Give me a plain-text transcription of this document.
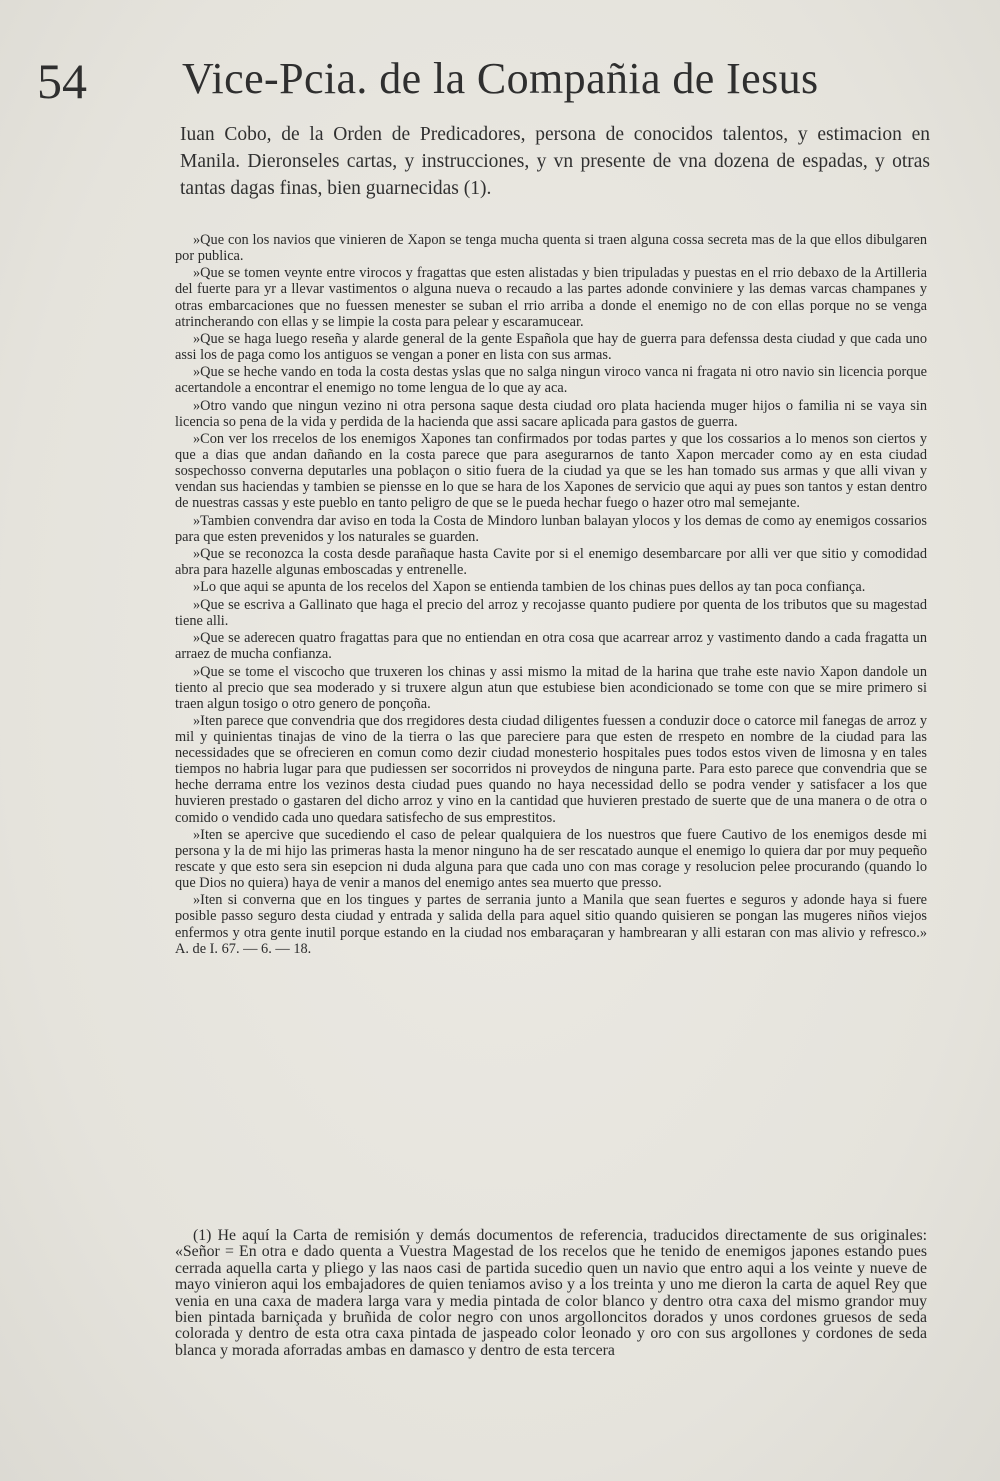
54 Vice-Pcia. de la Compañia de Iesus
Iuan Cobo, de la Orden de Predicadores, persona de conocidos talentos, y estimacion en Manila. Dieronseles cartas, y instrucciones, y vn presente de vna dozena de espadas, y otras tantas dagas finas, bien guarnecidas (1).

»Que con los navios que vinieren de Xapon se tenga mucha quenta si traen alguna cossa secreta mas de la que ellos dibulgaren por publica.

»Que se tomen veynte entre virocos y fragattas que esten alistadas y bien tripuladas y puestas en el rrio debaxo de la Artilleria del fuerte para yr a llevar vastimentos o alguna nueva o recaudo a las partes adonde conviniere y las demas varcas champanes y otras embarcaciones que no fuessen menester se suban el rrio arriba a donde el enemigo no de con ellas porque no se venga atrincherando con ellas y se limpie la costa para pelear y escaramucear.

»Que se haga luego reseña y alarde general de la gente Española que hay de guerra para defenssa desta ciudad y que cada uno assi los de paga como los antiguos se vengan a poner en lista con sus armas.

»Que se heche vando en toda la costa destas yslas que no salga ningun viroco vanca ni fragata ni otro navio sin licencia porque acertandole a encontrar el enemigo no tome lengua de lo que ay aca.

»Otro vando que ningun vezino ni otra persona saque desta ciudad oro plata hacienda muger hijos o familia ni se vaya sin licencia so pena de la vida y perdida de la hacienda que assi sacare aplicada para gastos de guerra.

»Con ver los rrecelos de los enemigos Xapones tan confirmados por todas partes y que los cossarios a lo menos son ciertos y que a dias que andan dañando en la costa parece que para asegurarnos de tanto Xapon mercader como ay en esta ciudad sospechosso converna deputarles una poblaçon o sitio fuera de la ciudad ya que se les han tomado sus armas y que alli vivan y vendan sus haciendas y tambien se piensse en lo que se hara de los Xapones de servicio que aqui ay pues son tantos y estan dentro de nuestras cassas y este pueblo en tanto peligro de que se le pueda hechar fuego o hazer otro mal semejante.

»Tambien convendra dar aviso en toda la Costa de Mindoro lunban balayan ylocos y los demas de como ay enemigos cossarios para que esten prevenidos y los naturales se guarden.

»Que se reconozca la costa desde parañaque hasta Cavite por si el enemigo desembarcare por alli ver que sitio y comodidad abra para hazelle algunas emboscadas y entrenelle.

»Lo que aqui se apunta de los recelos del Xapon se entienda tambien de los chinas pues dellos ay tan poca confiança.

»Que se escriva a Gallinato que haga el precio del arroz y recojasse quanto pudiere por quenta de los tributos que su magestad tiene alli.

»Que se aderecen quatro fragattas para que no entiendan en otra cosa que acarrear arroz y vastimento dando a cada fragatta un arraez de mucha confianza.

»Que se tome el viscocho que truxeren los chinas y assi mismo la mitad de la harina que trahe este navio Xapon dandole un tiento al precio que sea moderado y si truxere algun atun que estubiese bien acondicionado se tome con que se mire primero si traen algun tosigo o otro genero de ponçoña.

»Iten parece que convendria que dos rregidores desta ciudad diligentes fuessen a conduzir doce o catorce mil fanegas de arroz y mil y quinientas tinajas de vino de la tierra o las que pareciere para que esten de rrespeto en nombre de la ciudad para las necessidades que se ofrecieren en comun como dezir ciudad monesterio hospitales pues todos estos viven de limosna y en tales tiempos no habria lugar para que pudiessen ser socorridos ni proveydos de ninguna parte. Para esto parece que convendria que se heche derrama entre los vezinos desta ciudad pues quando no haya necessidad dello se podra vender y satisfacer a los que huvieren prestado o gastaren del dicho arroz y vino en la cantidad que huvieren prestado de suerte que de una manera o de otra o comido o vendido cada uno quedara satisfecho de sus emprestitos.

»Iten se apercive que sucediendo el caso de pelear qualquiera de los nuestros que fuere Cautivo de los enemigos desde mi persona y la de mi hijo las primeras hasta la menor ninguno ha de ser rescatado aunque el enemigo lo quiera dar por muy pequeño rescate y que esto sera sin esepcion ni duda alguna para que cada uno con mas corage y resolucion pelee procurando (quando lo que Dios no quiera) haya de venir a manos del enemigo antes sea muerto que presso.

»Iten si converna que en los tingues y partes de serrania junto a Manila que sean fuertes e seguros y adonde haya si fuere posible passo seguro desta ciudad y entrada y salida della para aquel sitio quando quisieren se pongan las mugeres niños viejos enfermos y otra gente inutil porque estando en la ciudad nos embaraçaran y hambrearan y alli estaran con mas alivio y refresco.» A. de I. 67. — 6. — 18.

(1) He aquí la Carta de remisión y demás documentos de referencia, traducidos directamente de sus originales: «Señor = En otra e dado quenta a Vuestra Magestad de los recelos que he tenido de enemigos japones estando pues cerrada aquella carta y pliego y las naos casi de partida sucedio quen un navio que entro aqui a los veinte y nueve de mayo vinieron aqui los embajadores de quien teniamos aviso y a los treinta y uno me dieron la carta de aquel Rey que venia en una caxa de madera larga vara y media pintada de color blanco y dentro otra caxa del mismo grandor muy bien pintada barniçada y bruñida de color negro con unos argolloncitos dorados y unos cordones gruesos de seda colorada y dentro de esta otra caxa pintada de jaspeado color leonado y oro con sus argollones y cordones de seda blanca y morada aforradas ambas en damasco y dentro de esta tercera
